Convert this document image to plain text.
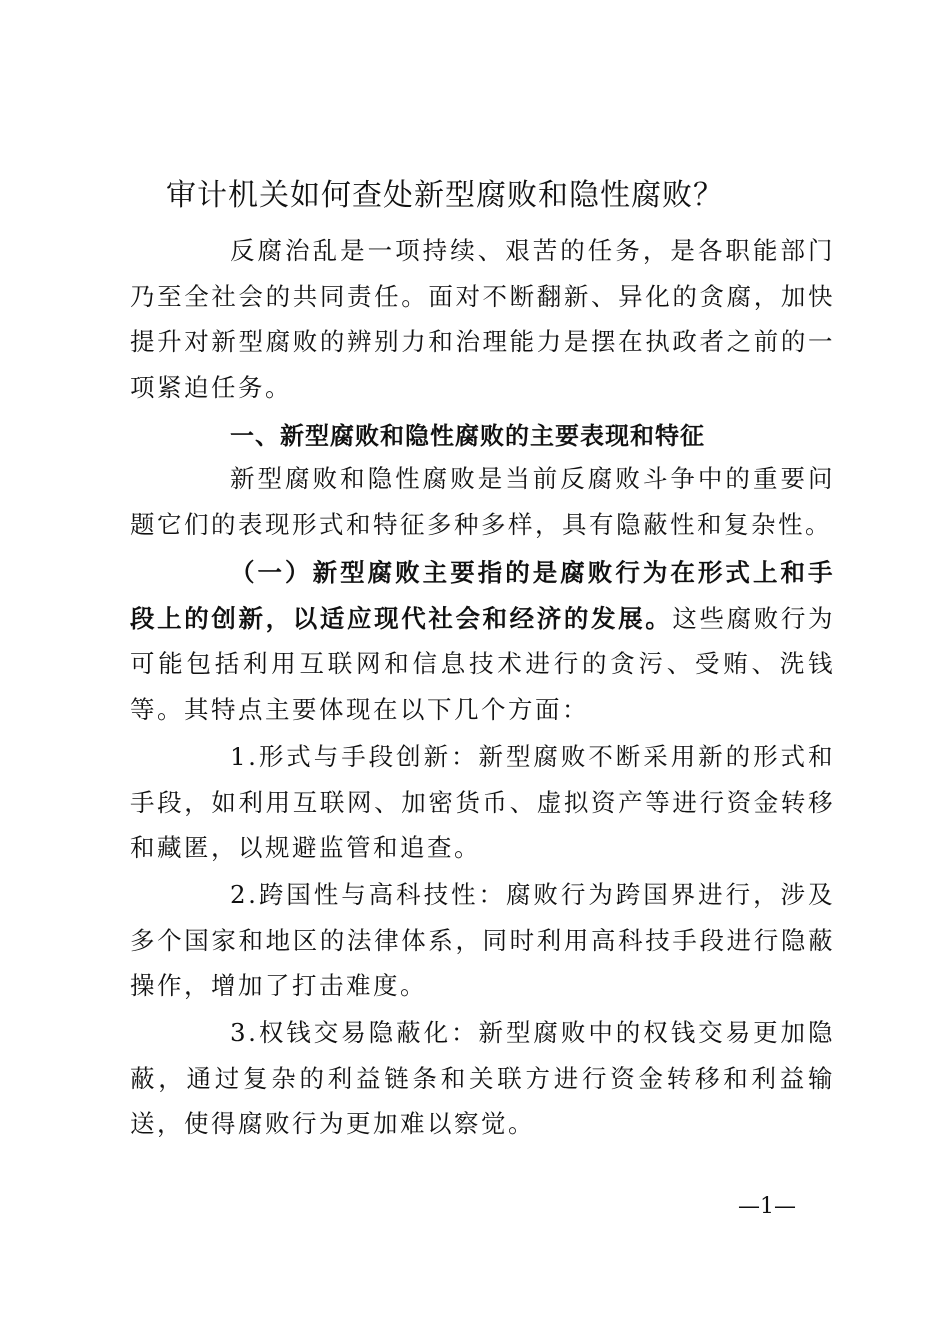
审计机关如何查处新型腐败和隐性腐败？
反腐治乱是一项持续、艰苦的任务，是各职能部门乃至全社会的共同责任。面对不断翻新、异化的贪腐，加快提升对新型腐败的辨别力和治理能力是摆在执政者之前的一项紧迫任务。
一、新型腐败和隐性腐败的主要表现和特征
新型腐败和隐性腐败是当前反腐败斗争中的重要问题它们的表现形式和特征多种多样，具有隐蔽性和复杂性。
（一）新型腐败主要指的是腐败行为在形式上和手段上的创新，以适应现代社会和经济的发展。这些腐败行为可能包括利用互联网和信息技术进行的贪污、受贿、洗钱等。其特点主要体现在以下几个方面：
1.形式与手段创新：新型腐败不断采用新的形式和手段，如利用互联网、加密货币、虚拟资产等进行资金转移和藏匿，以规避监管和追查。
2.跨国性与高科技性：腐败行为跨国界进行，涉及多个国家和地区的法律体系，同时利用高科技手段进行隐蔽操作，增加了打击难度。
3.权钱交易隐蔽化：新型腐败中的权钱交易更加隐蔽，通过复杂的利益链条和关联方进行资金转移和利益输送，使得腐败行为更加难以察觉。
—1—
